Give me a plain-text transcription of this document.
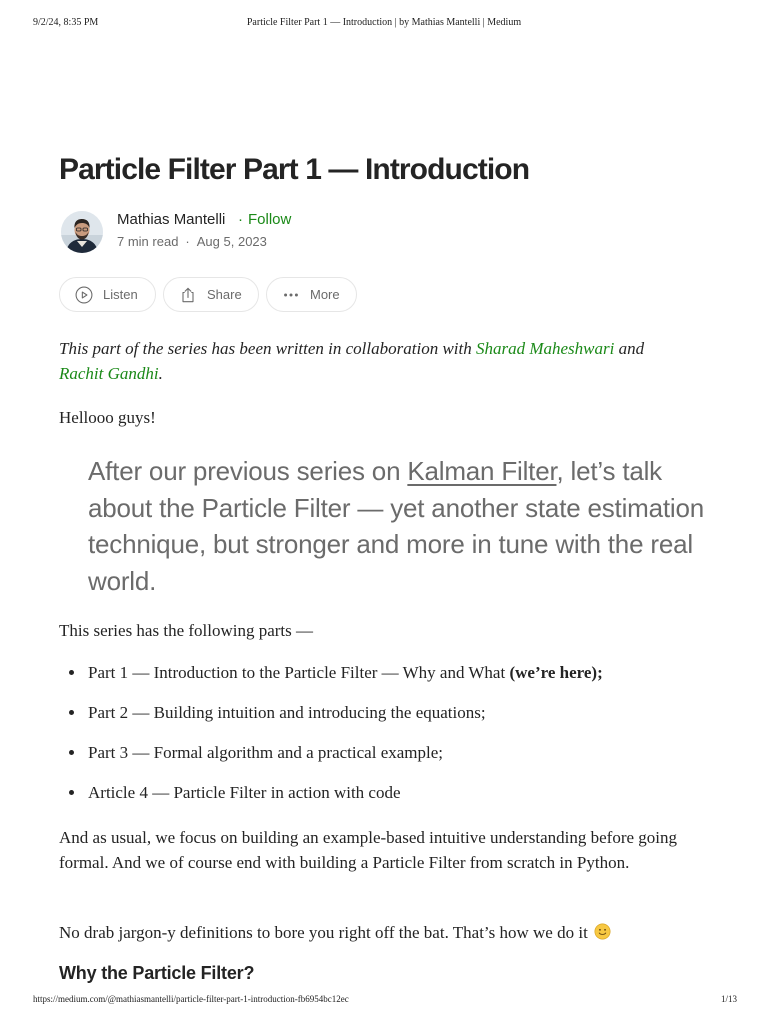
9/2/24, 8:35 PM	Particle Filter Part 1 — Introduction | by Mathias Mantelli | Medium
Particle Filter Part 1 — Introduction
Mathias Mantelli · Follow
7 min read · Aug 5, 2023
Listen	Share	More

This part of the series has been written in collaboration with Sharad Maheshwari and
Rachit Gandhi.

Hellooo guys!

After our previous series on Kalman Filter, let’s talk about the Particle Filter — yet another state estimation technique, but stronger and more in tune with the real world.

This series has the following parts —

Part 1 — Introduction to the Particle Filter — Why and What (we’re here);
Part 2 — Building intuition and introducing the equations;
Part 3 — Formal algorithm and a practical example;
Article 4 — Particle Filter in action with code

And as usual, we focus on building an example-based intuitive understanding before going formal. And we of course end with building a Particle Filter from scratch in Python.

No drab jargon-y definitions to bore you right off the bat. That’s how we do it

Why the Particle Filter?
https://medium.com/@mathiasmantelli/particle-filter-part-1-introduction-fb6954bc12ec	1/13
